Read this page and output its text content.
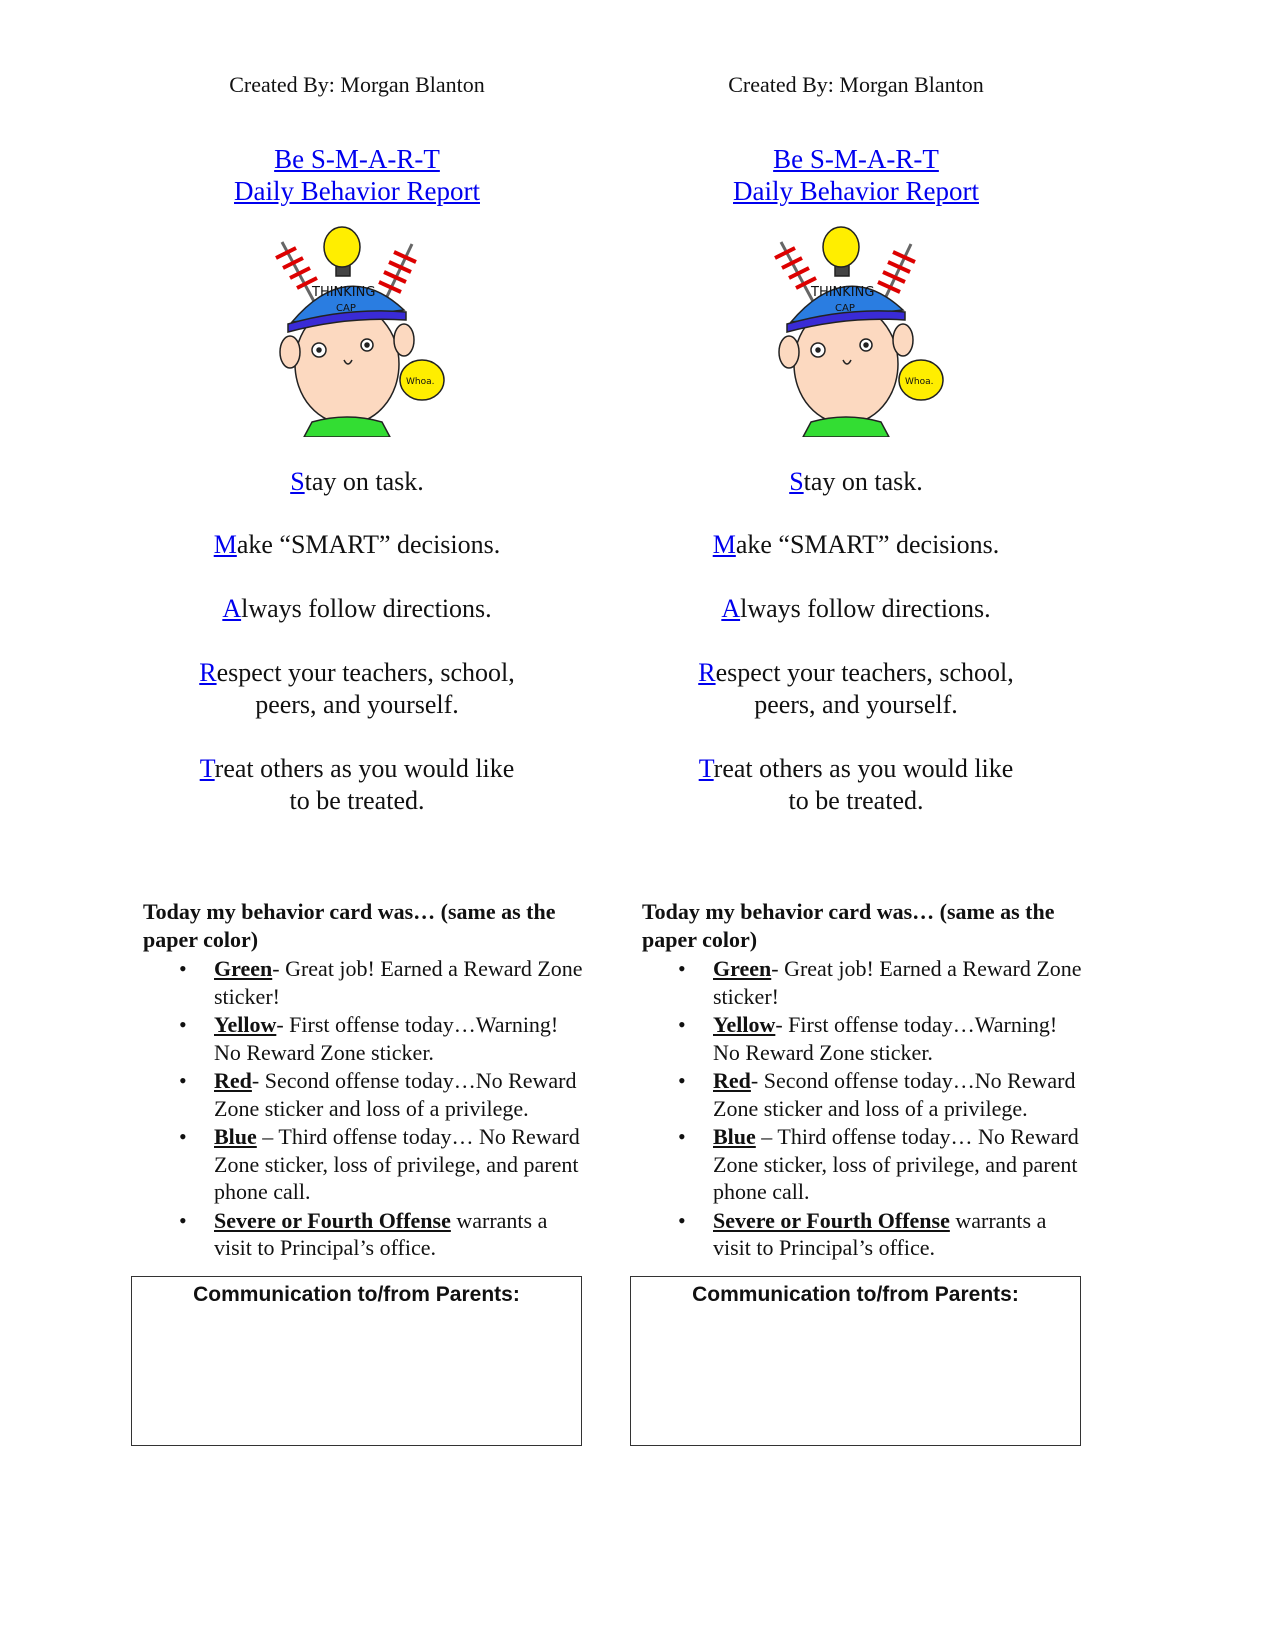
Created By: Morgan Blanton
Be S-M-A-R-T
Daily Behavior Report
THINKING
CAP
Whoa.
Stay on task.
Make “SMART” decisions.
Always follow directions.
Respect your teachers, school,
peers, and yourself.
Treat others as you would like
to be treated.
Today my behavior card was… (same as the paper color)
• Green- Great job! Earned a Reward Zone sticker!
• Yellow- First offense today…Warning! No Reward Zone sticker.
• Red- Second offense today…No Reward Zone sticker and loss of a privilege.
• Blue – Third offense today… No Reward Zone sticker, loss of privilege, and parent phone call.
• Severe or Fourth Offense warrants a visit to Principal’s office.
Communication to/from Parents:
Created By: Morgan Blanton
Be S-M-A-R-T
Daily Behavior Report
THINKING
CAP
Whoa.
Stay on task.
Make “SMART” decisions.
Always follow directions.
Respect your teachers, school,
peers, and yourself.
Treat others as you would like
to be treated.
Today my behavior card was… (same as the paper color)
• Green- Great job! Earned a Reward Zone sticker!
• Yellow- First offense today…Warning! No Reward Zone sticker.
• Red- Second offense today…No Reward Zone sticker and loss of a privilege.
• Blue – Third offense today… No Reward Zone sticker, loss of privilege, and parent phone call.
• Severe or Fourth Offense warrants a visit to Principal’s office.
Communication to/from Parents:
